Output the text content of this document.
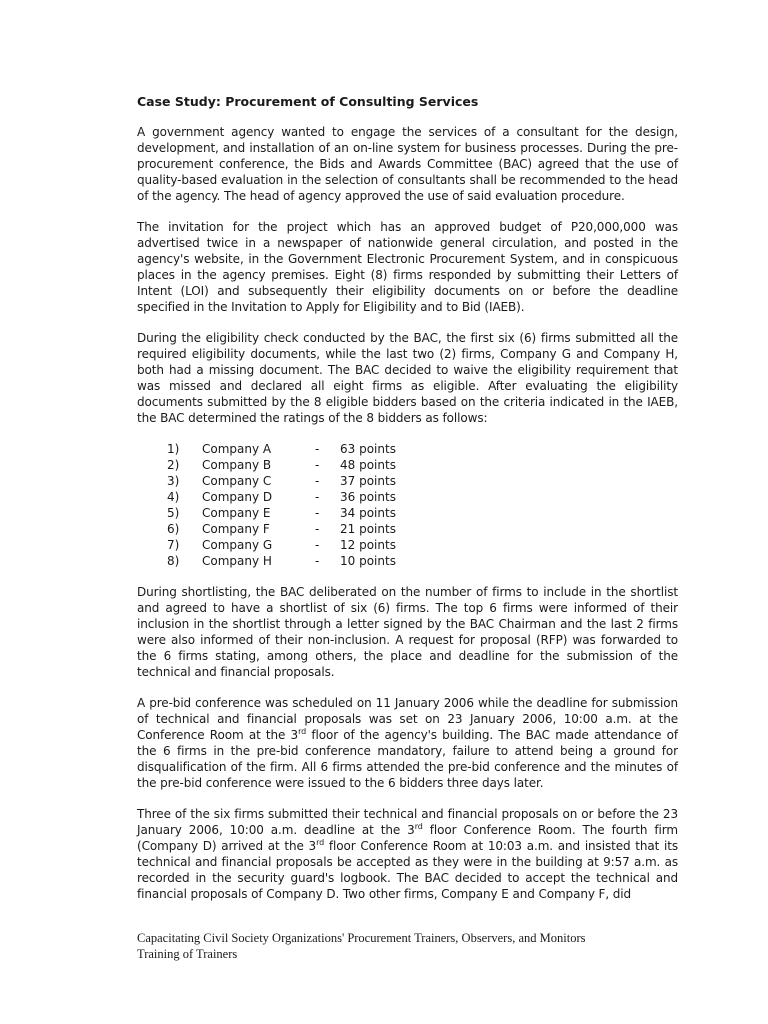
Case Study: Procurement of Consulting Services

A government agency wanted to engage the services of a consultant for the design, development, and installation of an on-line system for business processes. During the pre-procurement conference, the Bids and Awards Committee (BAC) agreed that the use of quality-based evaluation in the selection of consultants shall be recommended to the head of the agency. The head of agency approved the use of said evaluation procedure.

The invitation for the project which has an approved budget of P20,000,000 was advertised twice in a newspaper of nationwide general circulation, and posted in the agency's website, in the Government Electronic Procurement System, and in conspicuous places in the agency premises. Eight (8) firms responded by submitting their Letters of Intent (LOI) and subsequently their eligibility documents on or before the deadline specified in the Invitation to Apply for Eligibility and to Bid (IAEB).

During the eligibility check conducted by the BAC, the first six (6) firms submitted all the required eligibility documents, while the last two (2) firms, Company G and Company H, both had a missing document. The BAC decided to waive the eligibility requirement that was missed and declared all eight firms as eligible. After evaluating the eligibility documents submitted by the 8 eligible bidders based on the criteria indicated in the IAEB, the BAC determined the ratings of the 8 bidders as follows:

1)	Company A	-	63 points
2)	Company B	-	48 points
3)	Company C	-	37 points
4)	Company D	-	36 points
5)	Company E	-	34 points
6)	Company F	-	21 points
7)	Company G	-	12 points
8)	Company H	-	10 points

During shortlisting, the BAC deliberated on the number of firms to include in the shortlist and agreed to have a shortlist of six (6) firms. The top 6 firms were informed of their inclusion in the shortlist through a letter signed by the BAC Chairman and the last 2 firms were also informed of their non-inclusion. A request for proposal (RFP) was forwarded to the 6 firms stating, among others, the place and deadline for the submission of the technical and financial proposals.

A pre-bid conference was scheduled on 11 January 2006 while the deadline for submission of technical and financial proposals was set on 23 January 2006, 10:00 a.m. at the Conference Room at the 3rd floor of the agency's building. The BAC made attendance of the 6 firms in the pre-bid conference mandatory, failure to attend being a ground for disqualification of the firm. All 6 firms attended the pre-bid conference and the minutes of the pre-bid conference were issued to the 6 bidders three days later.

Three of the six firms submitted their technical and financial proposals on or before the 23 January 2006, 10:00 a.m. deadline at the 3rd floor Conference Room. The fourth firm (Company D) arrived at the 3rd floor Conference Room at 10:03 a.m. and insisted that its technical and financial proposals be accepted as they were in the building at 9:57 a.m. as recorded in the security guard's logbook. The BAC decided to accept the technical and financial proposals of Company D. Two other firms, Company E and Company F, did

Capacitating Civil Society Organizations' Procurement Trainers, Observers, and Monitors
Training of Trainers
